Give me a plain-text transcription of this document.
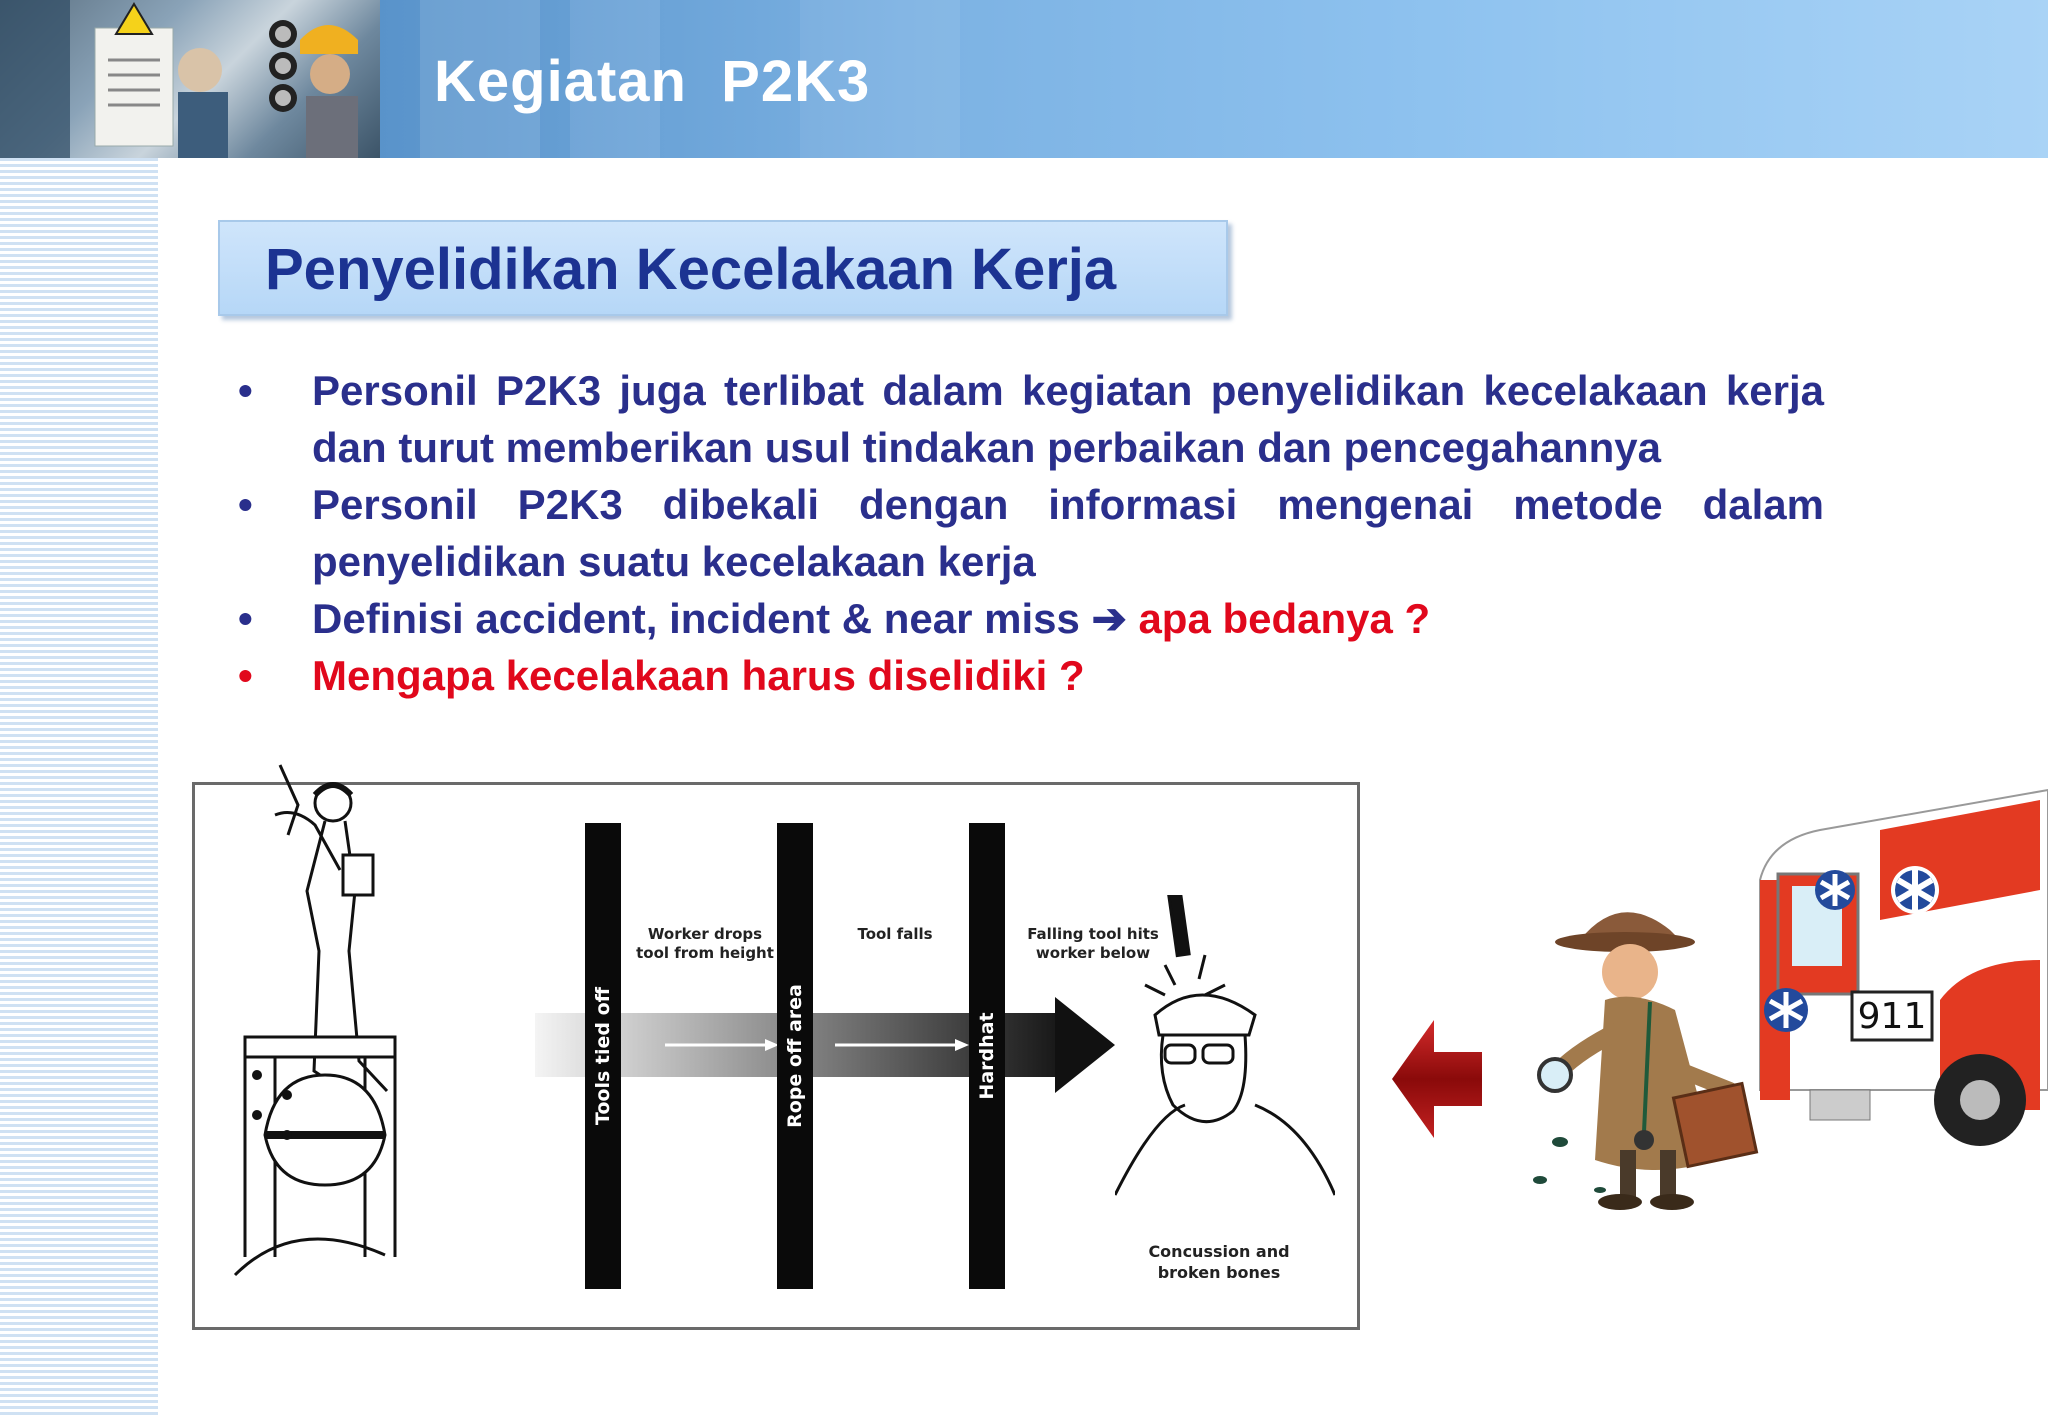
Kegiatan  P2K3
Penyelidikan Kecelakaan Kerja
• Personil P2K3 juga terlibat dalam kegiatan penyelidikan kecelakaan kerja dan turut memberikan usul tindakan perbaikan dan pencegahannya
• Personil P2K3 dibekali dengan informasi mengenai metode dalam penyelidikan suatu kecelakaan kerja
• Definisi accident, incident & near miss ➔ apa bedanya ?
• Mengapa kecelakaan harus diselidiki ?
Tools tied off	Rope off area	Hardhat
Worker drops
tool from height
Tool falls	Falling tool hits
worker below
Concussion and
broken bones
911
